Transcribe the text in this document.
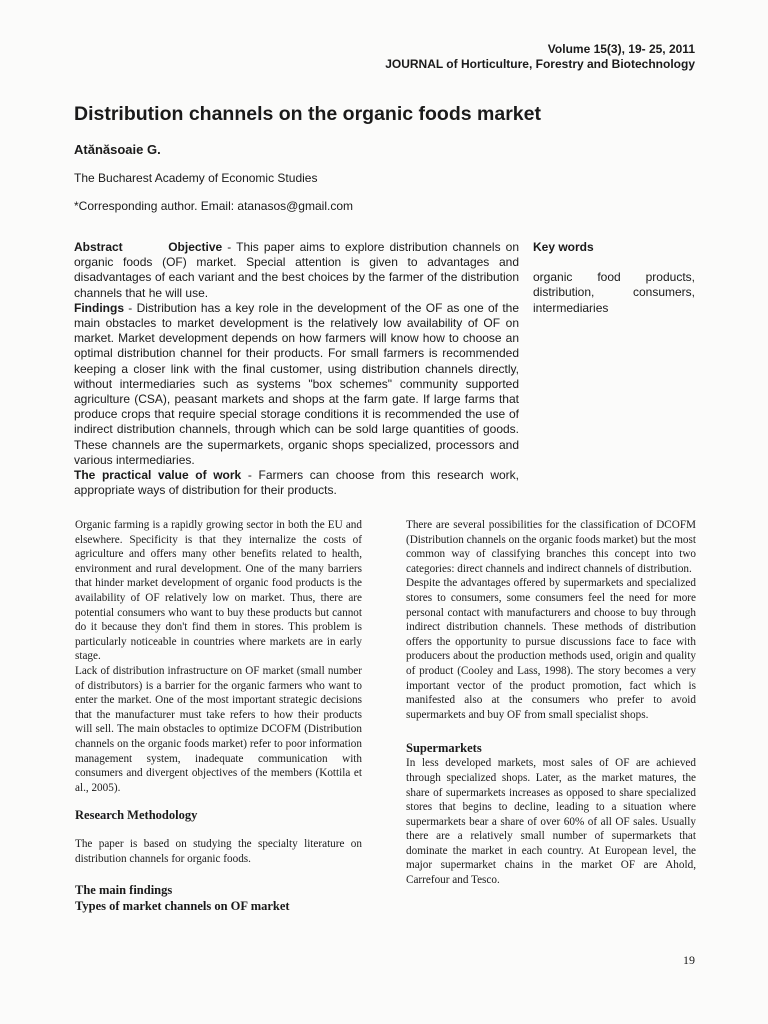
Volume 15(3), 19- 25, 2011
JOURNAL of Horticulture, Forestry and Biotechnology
Distribution channels on the organic foods market
Atănăsoaie G.
The Bucharest Academy of Economic Studies
*Corresponding author. Email: atanasos@gmail.com

Abstract	Objective - This paper aims to explore distribution channels on organic foods (OF) market. Special attention is given to advantages and disadvantages of each variant and the best choices by the farmer of the distribution channels that he will use.

Findings - Distribution has a key role in the development of the OF as one of the main obstacles to market development is the relatively low availability of OF on market. Market development depends on how farmers will know how to choose an optimal distribution channel for their products. For small farmers is recommended keeping a closer link with the final customer, using distribution channels directly, without intermediaries such as systems "box schemes" community supported agriculture (CSA), peasant markets and shops at the farm gate. If large farms that produce crops that require special storage conditions it is recommended the use of indirect distribution channels, through which can be sold large quantities of goods. These channels are the supermarkets, organic shops specialized, processors and various intermediaries.

The practical value of work - Farmers can choose from this research work, appropriate ways of distribution for their products.

Key words
organic food products, distribution, consumers, intermediaries

Organic farming is a rapidly growing sector in both the EU and elsewhere. Specificity is that they internalize the costs of agriculture and offers many other benefits related to health, environment and rural development. One of the many barriers that hinder market development of organic food products is the availability of OF relatively low on market. Thus, there are potential consumers who want to buy these products but cannot do it because they don't find them in stores. This problem is particularly noticeable in countries where markets are in early stage.

Lack of distribution infrastructure on OF market (small number of distributors) is a barrier for the organic farmers who want to enter the market. One of the most important strategic decisions that the manufacturer must take refers to how their products will sell. The main obstacles to optimize DCOFM (Distribution channels on the organic foods market) refer to poor information management system, inadequate communication with consumers and divergent objectives of the members (Kottila et al., 2005).

Research Methodology

The paper is based on studying the specialty literature on distribution channels for organic foods.

The main findings
Types of market channels on OF market

There are several possibilities for the classification of DCOFM (Distribution channels on the organic foods market) but the most common way of classifying branches this concept into two categories: direct channels and indirect channels of distribution.

Despite the advantages offered by supermarkets and specialized stores to consumers, some consumers feel the need for more personal contact with manufacturers and choose to buy through indirect distribution channels. These methods of distribution offers the opportunity to pursue discussions face to face with producers about the production methods used, origin and quality of product (Cooley and Lass, 1998). The story becomes a very important vector of the product promotion, fact which is manifested also at the consumers who prefer to avoid supermarkets and buy OF from small specialist shops.

Supermarkets

In less developed markets, most sales of OF are achieved through specialized shops. Later, as the market matures, the share of supermarkets increases as opposed to share specialized stores that begins to decline, leading to a situation where supermarkets bear a share of over 60% of all OF sales. Usually there are a relatively small number of supermarkets that dominate the market in each country. At European level, the major supermarket chains in the market OF are Ahold, Carrefour and Tesco.

19
